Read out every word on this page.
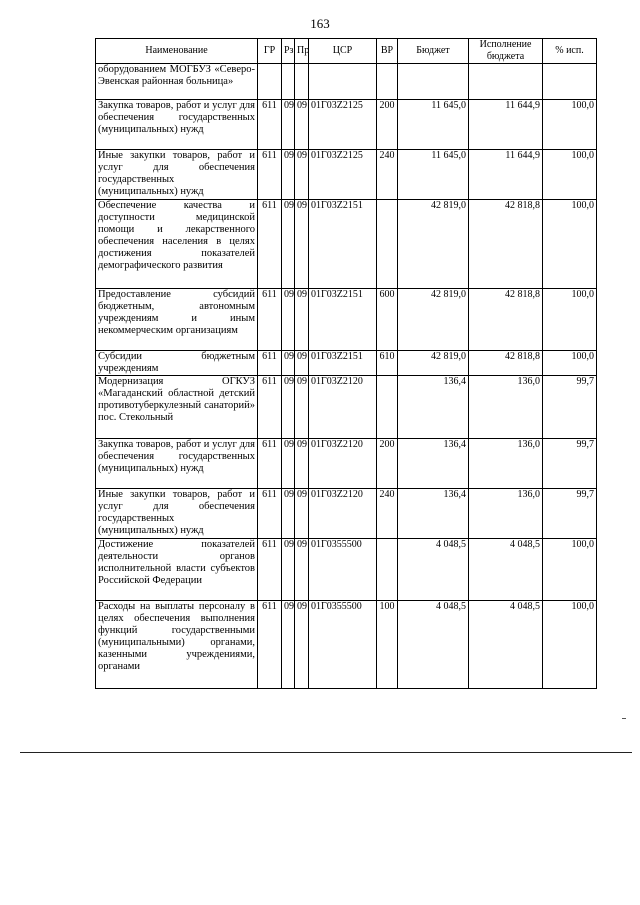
163
Наименование	ГР	Рз	Пр	ЦСР	ВР	Бюджет	Исполнение бюджета	% исп.
оборудованием МОГБУЗ «Северо-Эвенская районная больница»								
Закупка товаров, работ и услуг для обеспечения государственных (муниципальных) нужд	611	09	09	01Г03Z2125	200	11 645,0	11 644,9	100,0
Иные закупки товаров, работ и услуг для обеспечения государственных (муниципальных) нужд	611	09	09	01Г03Z2125	240	11 645,0	11 644,9	100,0
Обеспечение качества и доступности медицинской помощи и лекарственного обеспечения населения в целях достижения показателей демографического развития	611	09	09	01Г03Z2151		42 819,0	42 818,8	100,0
Предоставление субсидий бюджетным, автономным учреждениям и иным некоммерческим организациям	611	09	09	01Г03Z2151	600	42 819,0	42 818,8	100,0
Субсидии бюджетным учреждениям	611	09	09	01Г03Z2151	610	42 819,0	42 818,8	100,0
Модернизация ОГКУЗ «Магаданский областной детский противотуберкулезный санаторий» пос. Стекольный	611	09	09	01Г03Z2120		136,4	136,0	99,7
Закупка товаров, работ и услуг для обеспечения государственных (муниципальных) нужд	611	09	09	01Г03Z2120	200	136,4	136,0	99,7
Иные закупки товаров, работ и услуг для обеспечения государственных (муниципальных) нужд	611	09	09	01Г03Z2120	240	136,4	136,0	99,7
Достижение показателей деятельности органов исполнительной власти субъектов Российской Федерации	611	09	09	01Г0355500		4 048,5	4 048,5	100,0
Расходы на выплаты персоналу в целях обеспечения выполнения функций государственными (муниципальными) органами, казенными учреждениями, органами	611	09	09	01Г0355500	100	4 048,5	4 048,5	100,0
